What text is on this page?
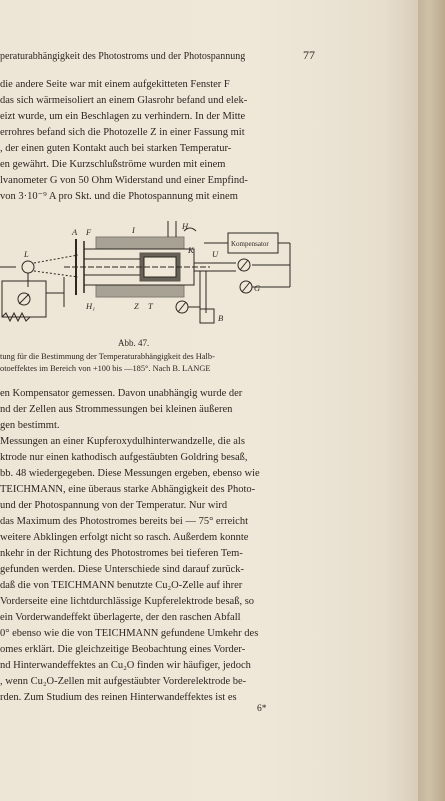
peraturabhängigkeit des Photostroms und der Photospannung	77
die andere Seite war mit einem aufgekitteten Fenster F
das sich wärmeisoliert an einem Glasrohr befand und elek-
eizt wurde, um ein Beschlagen zu verhindern. In der Mitte
errohres befand sich die Photozelle Z in einer Fassung mit
, der einen guten Kontakt auch bei starken Temperatur-
en gewährt. Die Kurzschlußströme wurden mit einem
lvanometer G von 50 Ohm Widerstand und einer Empfind-
von 3·10⁻⁹ A pro Skt. und die Photospannung mit einem
A F	I	H
L	K U
H₁	Z T
B
G
Kompensator
Abb. 47.
tung für die Bestimmung der Temperaturabhängigkeit des Halb-
otoeffektes im Bereich von +100 bis —185°. Nach B. LANGE
en Kompensator gemessen. Davon unabhängig wurde der
nd der Zellen aus Strommessungen bei kleinen äußeren
gen bestimmt.
Messungen an einer Kupferoxydulhinterwandzelle, die als
ktrode nur einen kathodisch aufgestäubten Goldring besaß,
bb. 48 wiedergegeben. Diese Messungen ergeben, ebenso wie
TEICHMANN, eine überaus starke Abhängigkeit des Photo-
und der Photospannung von der Temperatur. Nur wird
das Maximum des Photostromes bereits bei — 75° erreicht
weitere Abklingen erfolgt nicht so rasch. Außerdem konnte
nkehr in der Richtung des Photostromes bei tieferen Tem-
gefunden werden. Diese Unterschiede sind darauf zurück-
daß die von TEICHMANN benutzte Cu₂O-Zelle auf ihrer
Vorderseite eine lichtdurchlässige Kupferelektrode besaß, so
ein Vorderwandeffekt überlagerte, der den raschen Abfall
0° ebenso wie die von TEICHMANN gefundene Umkehr des
omes erklärt. Die gleichzeitige Beobachtung eines Vorder-
nd Hinterwandeffektes an Cu₂O finden wir häufiger, jedoch
, wenn Cu₂O-Zellen mit aufgestäubter Vorderelektrode be-
rden. Zum Studium des reinen Hinterwandeffektes ist es
6*
